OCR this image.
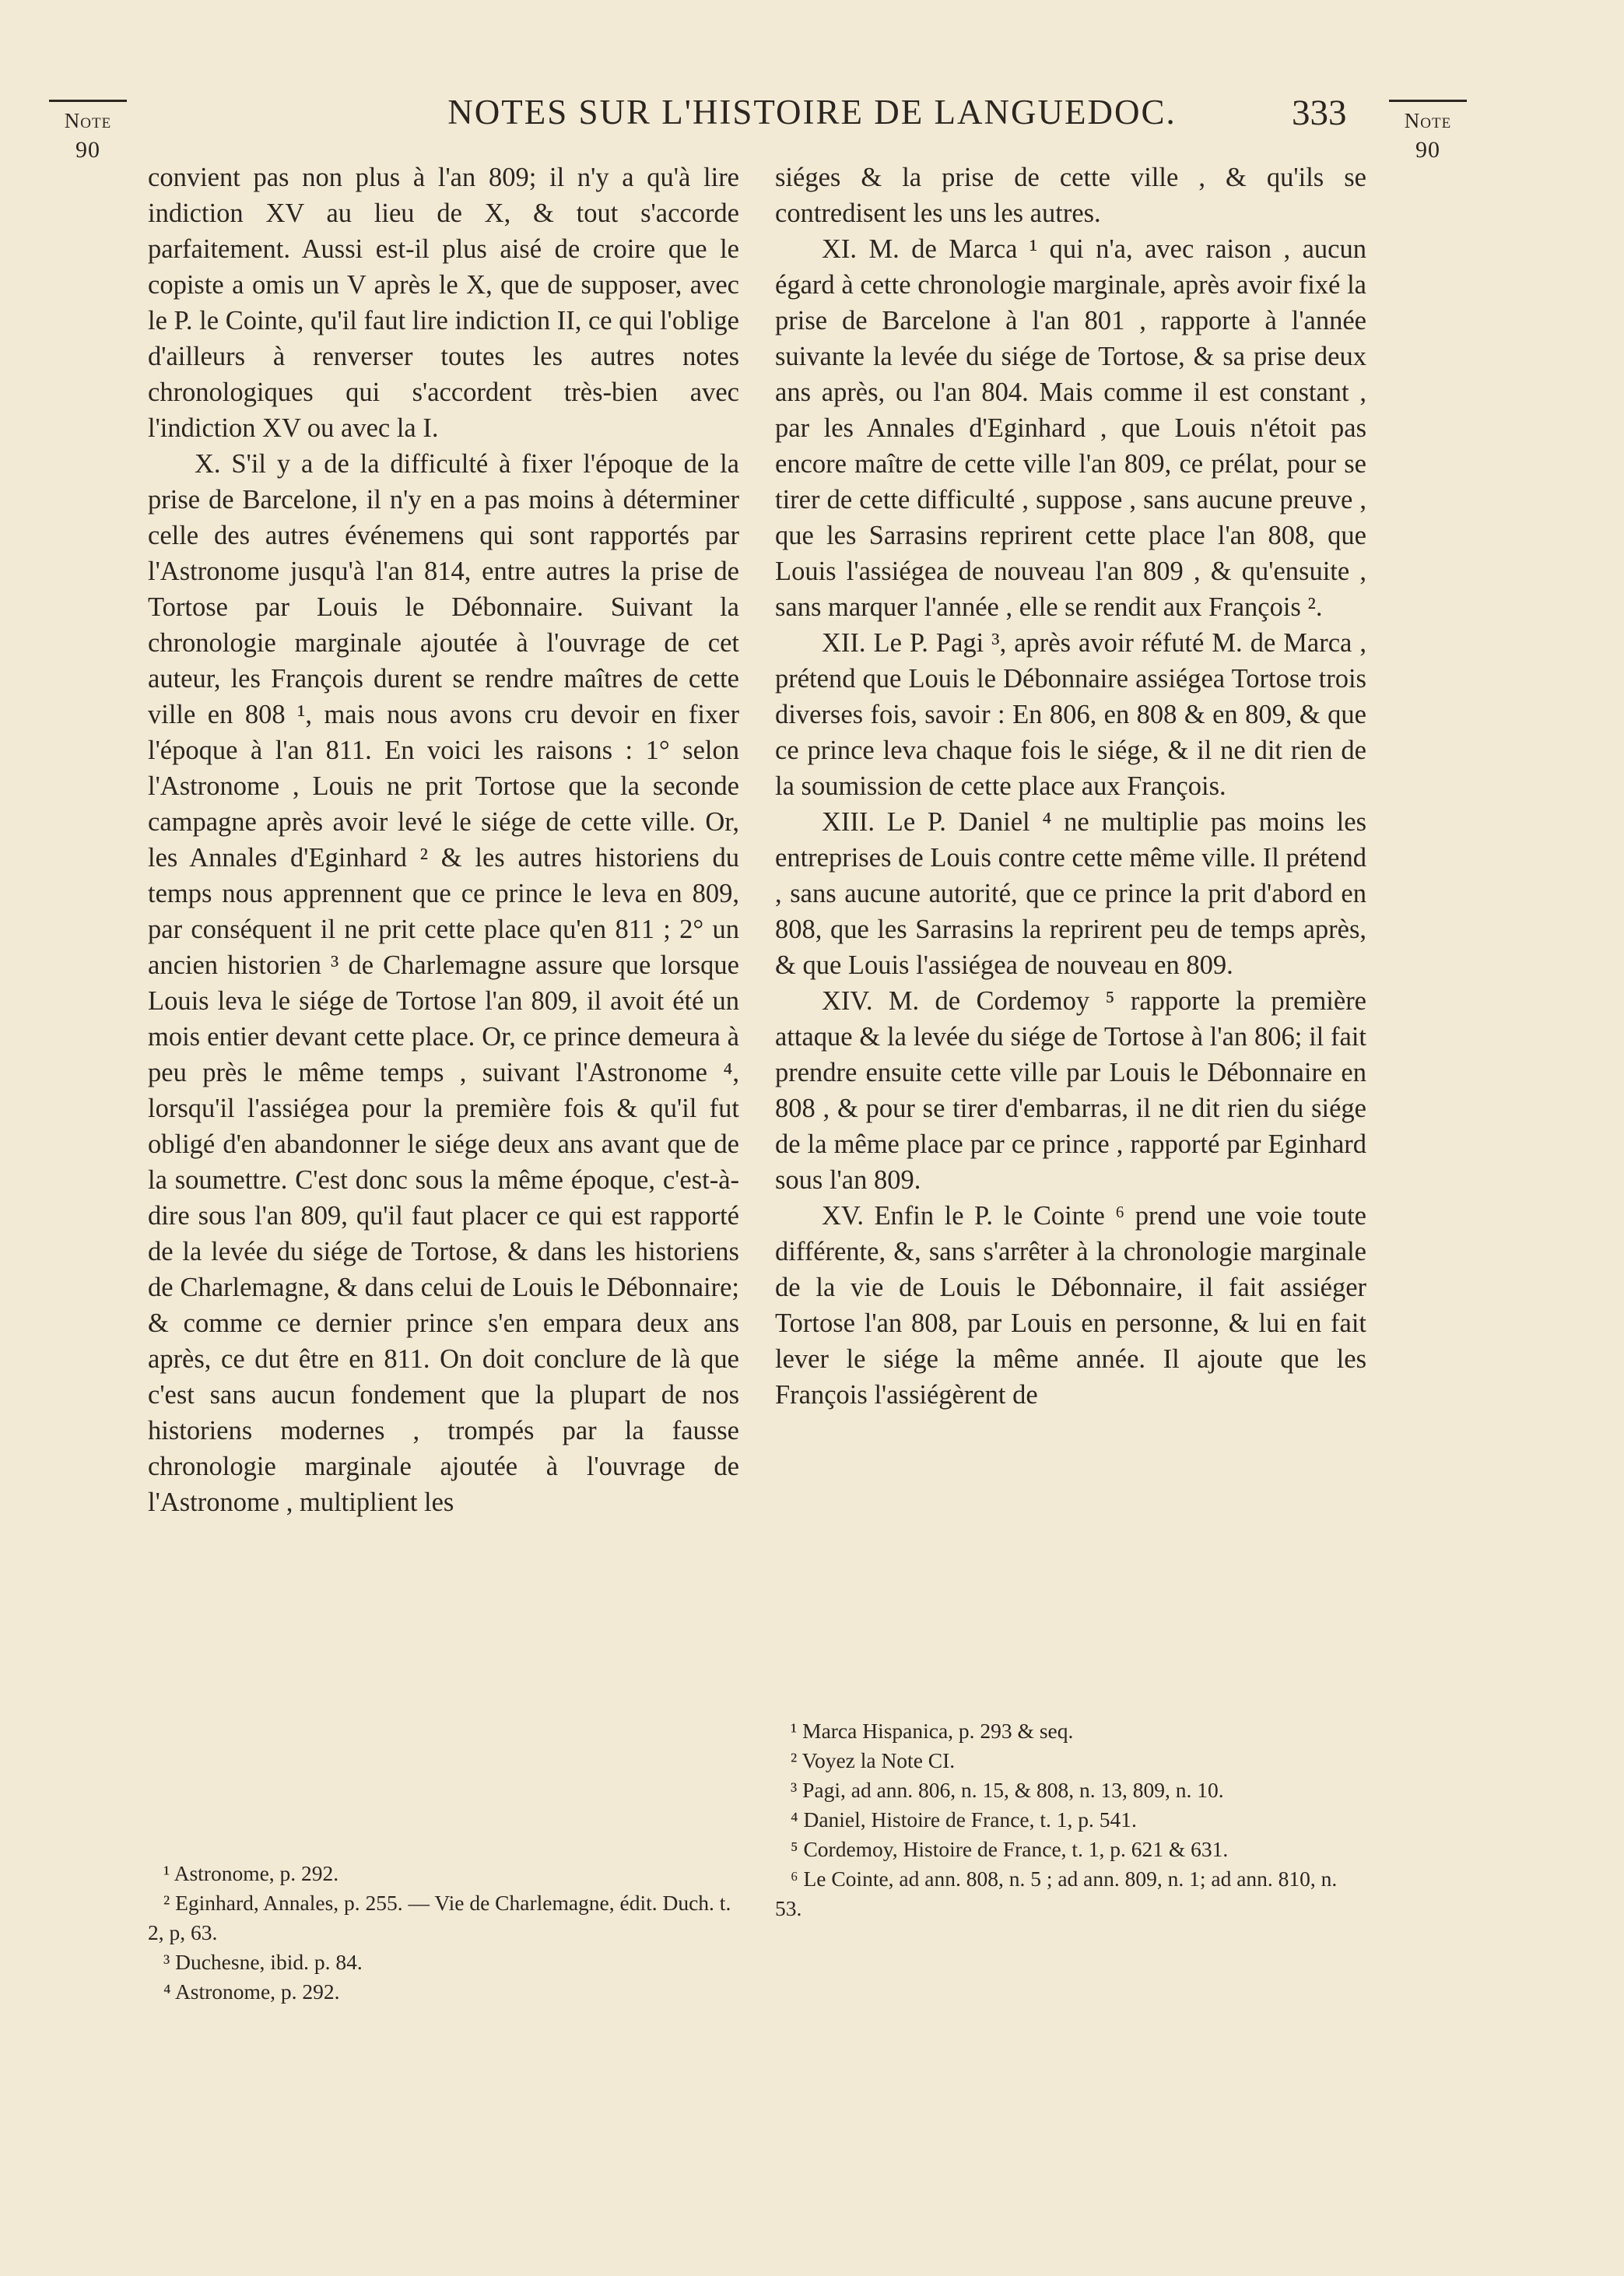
NOTES SUR L'HISTOIRE DE LANGUEDOC.	333
Note
90
Note
90

convient pas non plus à l'an 809; il n'y a qu'à lire indiction XV au lieu de X, & tout s'accorde parfaitement. Aussi est-il plus aisé de croire que le copiste a omis un V après le X, que de supposer, avec le P. le Cointe, qu'il faut lire indiction II, ce qui l'oblige d'ailleurs à renverser toutes les autres notes chronologiques qui s'accordent très-bien avec l'indiction XV ou avec la I.

X. S'il y a de la difficulté à fixer l'époque de la prise de Barcelone, il n'y en a pas moins à déterminer celle des autres événemens qui sont rapportés par l'Astronome jusqu'à l'an 814, entre autres la prise de Tortose par Louis le Débonnaire. Suivant la chronologie marginale ajoutée à l'ouvrage de cet auteur, les François durent se rendre maîtres de cette ville en 808 ¹, mais nous avons cru devoir en fixer l'époque à l'an 811. En voici les raisons : 1° selon l'Astronome , Louis ne prit Tortose que la seconde campagne après avoir levé le siége de cette ville. Or, les Annales d'Eginhard ² & les autres historiens du temps nous apprennent que ce prince le leva en 809, par conséquent il ne prit cette place qu'en 811 ; 2° un ancien historien ³ de Charlemagne assure que lorsque Louis leva le siége de Tortose l'an 809, il avoit été un mois entier devant cette place. Or, ce prince demeura à peu près le même temps , suivant l'Astronome ⁴, lorsqu'il l'assiégea pour la première fois & qu'il fut obligé d'en abandonner le siége deux ans avant que de la soumettre. C'est donc sous la même époque, c'est-à-dire sous l'an 809, qu'il faut placer ce qui est rapporté de la levée du siége de Tortose, & dans les historiens de Charlemagne, & dans celui de Louis le Débonnaire; & comme ce dernier prince s'en empara deux ans après, ce dut être en 811. On doit conclure de là que c'est sans aucun fondement que la plupart de nos historiens modernes , trompés par la fausse chronologie marginale ajoutée à l'ouvrage de l'Astronome , multiplient les

siéges & la prise de cette ville , & qu'ils se contredisent les uns les autres.

XI. M. de Marca ¹ qui n'a, avec raison , aucun égard à cette chronologie marginale, après avoir fixé la prise de Barcelone à l'an 801 , rapporte à l'année suivante la levée du siége de Tortose, & sa prise deux ans après, ou l'an 804. Mais comme il est constant , par les Annales d'Eginhard , que Louis n'étoit pas encore maître de cette ville l'an 809, ce prélat, pour se tirer de cette difficulté , suppose , sans aucune preuve , que les Sarrasins reprirent cette place l'an 808, que Louis l'assiégea de nouveau l'an 809 , & qu'ensuite , sans marquer l'année , elle se rendit aux François ².

XII. Le P. Pagi ³, après avoir réfuté M. de Marca , prétend que Louis le Débonnaire assiégea Tortose trois diverses fois, savoir : En 806, en 808 & en 809, & que ce prince leva chaque fois le siége, & il ne dit rien de la soumission de cette place aux François.

XIII. Le P. Daniel ⁴ ne multiplie pas moins les entreprises de Louis contre cette même ville. Il prétend , sans aucune autorité, que ce prince la prit d'abord en 808, que les Sarrasins la reprirent peu de temps après, & que Louis l'assiégea de nouveau en 809.

XIV. M. de Cordemoy ⁵ rapporte la première attaque & la levée du siége de Tortose à l'an 806; il fait prendre ensuite cette ville par Louis le Débonnaire en 808 , & pour se tirer d'embarras, il ne dit rien du siége de la même place par ce prince , rapporté par Eginhard sous l'an 809.

XV. Enfin le P. le Cointe ⁶ prend une voie toute différente, &, sans s'arrêter à la chronologie marginale de la vie de Louis le Débonnaire, il fait assiéger Tortose l'an 808, par Louis en personne, & lui en fait lever le siége la même année. Il ajoute que les François l'assiégèrent de

¹ Astronome, p. 292.
² Eginhard, Annales, p. 255. — Vie de Charlemagne, édit. Duch. t. 2, p, 63.
³ Duchesne, ibid. p. 84.
⁴ Astronome, p. 292.
¹ Marca Hispanica, p. 293 & seq.
² Voyez la Note CI.
³ Pagi, ad ann. 806, n. 15, & 808, n. 13, 809, n. 10.
⁴ Daniel, Histoire de France, t. 1, p. 541.
⁵ Cordemoy, Histoire de France, t. 1, p. 621 & 631.
⁶ Le Cointe, ad ann. 808, n. 5 ; ad ann. 809, n. 1; ad ann. 810, n. 53.
